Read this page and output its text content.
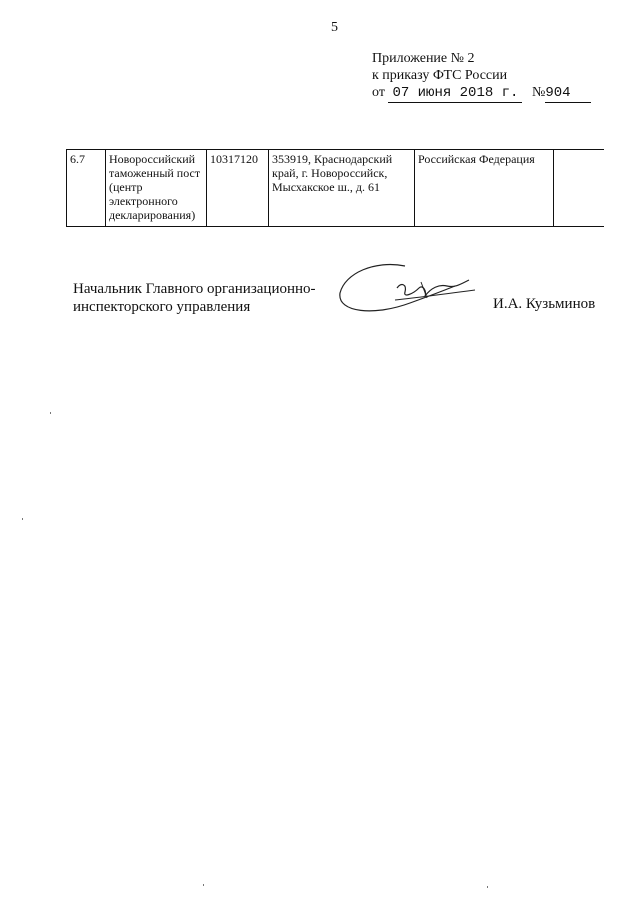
5
Приложение № 2
к приказу ФТС России
от 07 июня 2018 г. №904
6.7	Новороссийский таможенный пост (центр электронного декларирования)	10317120	353919, Краснодарский край, г. Новороссийск, Мысхакское ш., д. 61	Российская Федерация	
Начальник Главного организационно-
инспекторского управления	И.А. Кузьминов
